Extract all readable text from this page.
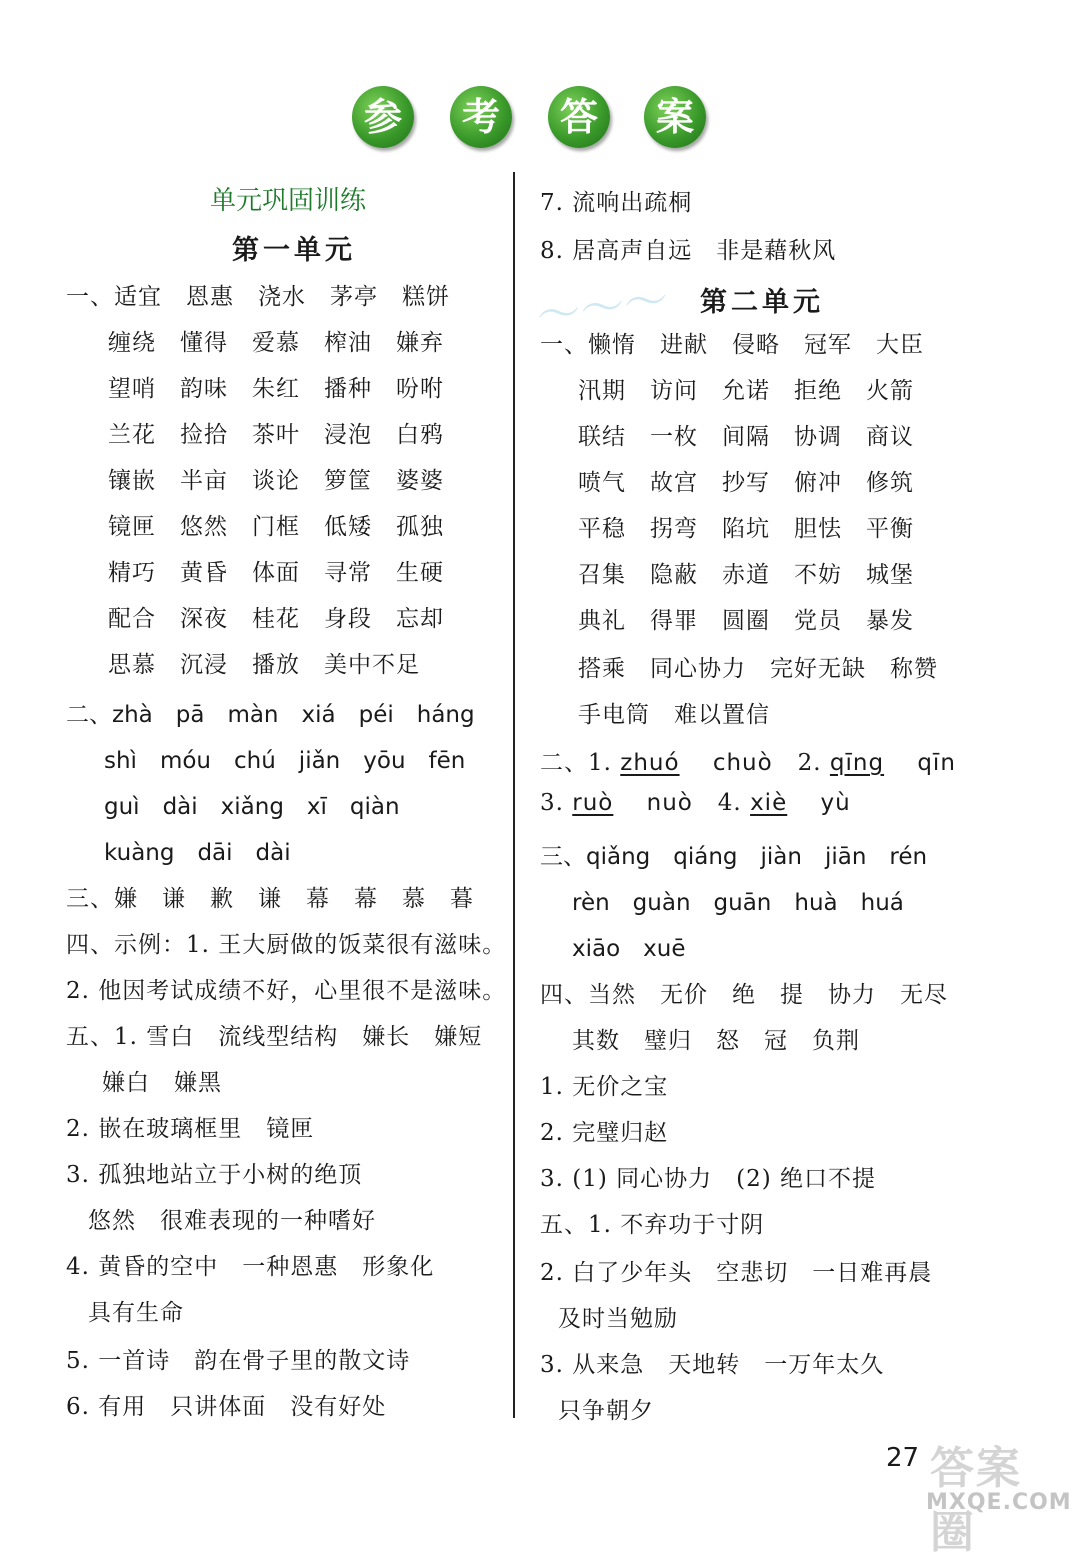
参	考	答	案
单元巩固训练
第一单元
一、适宜　恩惠　浇水　茅亭　糕饼
缠绕　懂得　爱慕　榨油　嫌弃
望哨　韵味　朱红　播种　吩咐
兰花　捡拾　茶叶　浸泡　白鸦
镶嵌　半亩　谈论　箩筐　婆婆
镜匣　悠然　门框　低矮　孤独
精巧　黄昏　体面　寻常　生硬
配合　深夜　桂花　身段　忘却
思慕　沉浸　播放　美中不足
二、zhà　pā　màn　xiá　péi　háng
shì　móu　chú　jiǎn　yōu　fēn
guì　dài　xiǎng　xī　qiàn
kuàng　dāi　dài
三、嫌　谦　歉　谦　幕　幕　慕　暮
四、示例：1. 王大厨做的饭菜很有滋味。
2. 他因考试成绩不好，心里很不是滋味。
五、1. 雪白　流线型结构　嫌长　嫌短
嫌白　嫌黑
2. 嵌在玻璃框里　镜匣
3. 孤独地站立于小树的绝顶
悠然　很难表现的一种嗜好
4. 黄昏的空中　一种恩惠　形象化
具有生命
5. 一首诗　韵在骨子里的散文诗
6. 有用　只讲体面　没有好处
〜〜〜
7. 流响出疏桐
8. 居高声自远　非是藉秋风
第二单元
一、懒惰　进献　侵略　冠军　大臣
汛期　访问　允诺　拒绝　火箭
联结　一枚　间隔　协调　商议
喷气　故宫　抄写　俯冲　修筑
平稳　拐弯　陷坑　胆怯　平衡
召集　隐蔽　赤道　不妨　城堡
典礼　得罪　圆圈　党员　暴发
搭乘　同心协力　完好无缺　称赞
手电筒　难以置信
二、1. zhuó chuò 2. qīng qīn
3. ruò nuò 4. xiè yù
三、qiǎng　qiáng　jiàn　jiān　rén
rèn　guàn　guān　huà　huá
xiāo　xuē
四、当然　无价　绝　提　协力　无尽
其数　璧归　怒　冠　负荆
1. 无价之宝
2. 完璧归赵
3. (1) 同心协力　(2) 绝口不提
五、1. 不弃功于寸阴
2. 白了少年头　空悲切　一日难再晨
及时当勉励
3. 从来急　天地转　一万年太久
只争朝夕
27 答案圈
MXQE.COM
